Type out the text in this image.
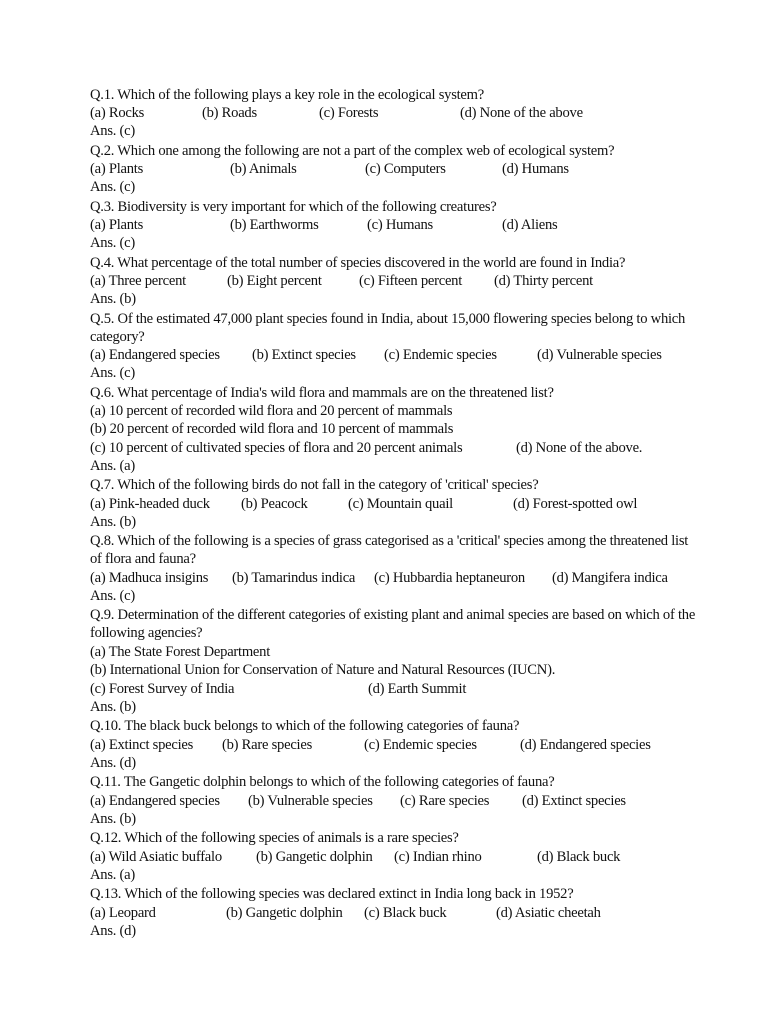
Q.1. Which of the following plays a key role in the ecological system?
(a) Rocks	(b) Roads	(c) Forests	(d) None of the above
Ans. (c)
Q.2. Which one among the following are not a part of the complex web of ecological system?
(a) Plants	(b) Animals	(c) Computers	(d) Humans
Ans. (c)
Q.3. Biodiversity is very important for which of the following creatures?
(a) Plants	(b) Earthworms	(c) Humans	(d) Aliens
Ans. (c)
Q.4. What percentage of the total number of species discovered in the world are found in India?
(a) Three percent	(b) Eight percent	(c) Fifteen percent (d) Thirty percent
Ans. (b)
Q.5. Of the estimated 47,000 plant species found in India, about 15,000 flowering species belong to which
category?
(a) Endangered species (b) Extinct species (c) Endemic species	(d) Vulnerable species
Ans. (c)
Q.6. What percentage of India's wild flora and mammals are on the threatened list?
(a) 10 percent of recorded wild flora and 20 percent of mammals
(b) 20 percent of recorded wild flora and 10 percent of mammals
(c) 10 percent of cultivated species of flora and 20 percent animals	(d) None of the above.
Ans. (a)
Q.7. Which of the following birds do not fall in the category of 'critical' species?
(a) Pink-headed duck (b) Peacock	(c) Mountain quail	(d) Forest-spotted owl
Ans. (b)
Q.8. Which of the following is a species of grass categorised as a 'critical' species among the threatened list
of flora and fauna?
(a) Madhuca insigins (b) Tamarindus indica (c) Hubbardia heptaneuron (d) Mangifera indica
Ans. (c)
Q.9. Determination of the different categories of existing plant and animal species are based on which of the
following agencies?
(a) The State Forest Department
(b) International Union for Conservation of Nature and Natural Resources (IUCN).
(c) Forest Survey of India	(d) Earth Summit
Ans. (b)
Q.10. The black buck belongs to which of the following categories of fauna?
(a) Extinct species (b) Rare species	(c) Endemic species	(d) Endangered species
Ans. (d)
Q.11. The Gangetic dolphin belongs to which of the following categories of fauna?
(a) Endangered species (b) Vulnerable species (c) Rare species (d) Extinct species
Ans. (b)
Q.12. Which of the following species of animals is a rare species?
(a) Wild Asiatic buffalo (b) Gangetic dolphin (c) Indian rhino	(d) Black buck
Ans. (a)
Q.13. Which of the following species was declared extinct in India long back in 1952?
(a) Leopard	(b) Gangetic dolphin (c) Black buck	(d) Asiatic cheetah
Ans. (d)
